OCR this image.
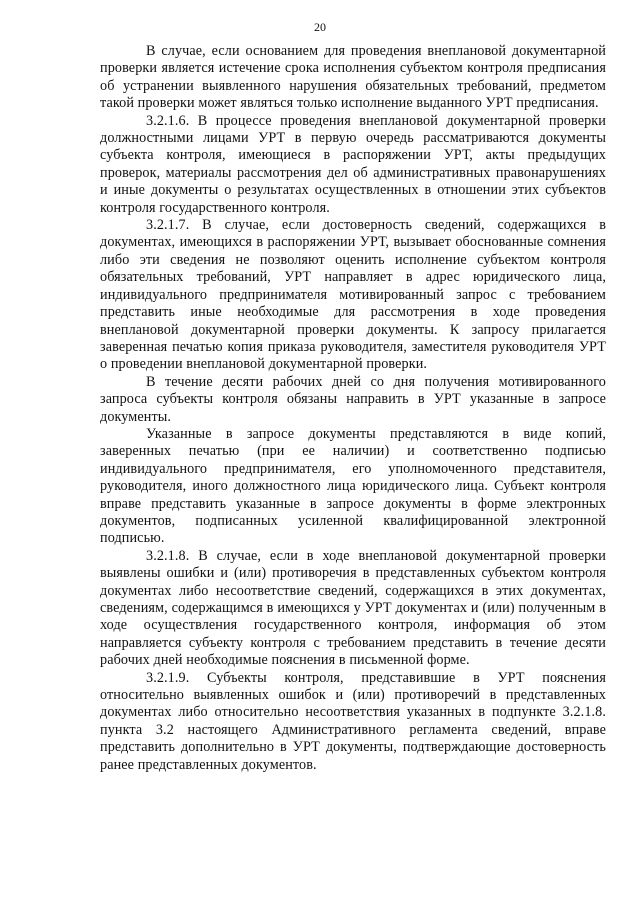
20

В случае, если основанием для проведения внеплановой документарной проверки является истечение срока исполнения субъектом контроля предписания об устранении выявленного нарушения обязательных требований, предметом такой проверки может являться только исполнение выданного УРТ предписания.

3.2.1.6. В процессе проведения внеплановой документарной проверки должностными лицами УРТ в первую очередь рассматриваются документы субъекта контроля, имеющиеся в распоряжении УРТ, акты предыдущих проверок, материалы рассмотрения дел об административных правонарушениях и иные документы о результатах осуществленных в отношении этих субъектов контроля государственного контроля.

3.2.1.7. В случае, если достоверность сведений, содержащихся в документах, имеющихся в распоряжении УРТ, вызывает обоснованные сомнения либо эти сведения не позволяют оценить исполнение субъектом контроля обязательных требований, УРТ направляет в адрес юридического лица, индивидуального предпринимателя мотивированный запрос с требованием представить иные необходимые для рассмотрения в ходе проведения внеплановой документарной проверки документы. К запросу прилагается заверенная печатью копия приказа руководителя, заместителя руководителя УРТ о проведении внеплановой документарной проверки.

В течение десяти рабочих дней со дня получения мотивированного запроса субъекты контроля обязаны направить в УРТ указанные в запросе документы.

Указанные в запросе документы представляются в виде копий, заверенных печатью (при ее наличии) и соответственно подписью индивидуального предпринимателя, его уполномоченного представителя, руководителя, иного должностного лица юридического лица. Субъект контроля вправе представить указанные в запросе документы в форме электронных документов, подписанных усиленной квалифицированной электронной подписью.

3.2.1.8. В случае, если в ходе внеплановой документарной проверки выявлены ошибки и (или) противоречия в представленных субъектом контроля документах либо несоответствие сведений, содержащихся в этих документах, сведениям, содержащимся в имеющихся у УРТ документах и (или) полученным в ходе осуществления государственного контроля, информация об этом направляется субъекту контроля с требованием представить в течение десяти рабочих дней необходимые пояснения в письменной форме.

3.2.1.9. Субъекты контроля, представившие в УРТ пояснения относительно выявленных ошибок и (или) противоречий в представленных документах либо относительно несоответствия указанных в подпункте 3.2.1.8. пункта 3.2 настоящего Административного регламента сведений, вправе представить дополнительно в УРТ документы, подтверждающие достоверность ранее представленных документов.
